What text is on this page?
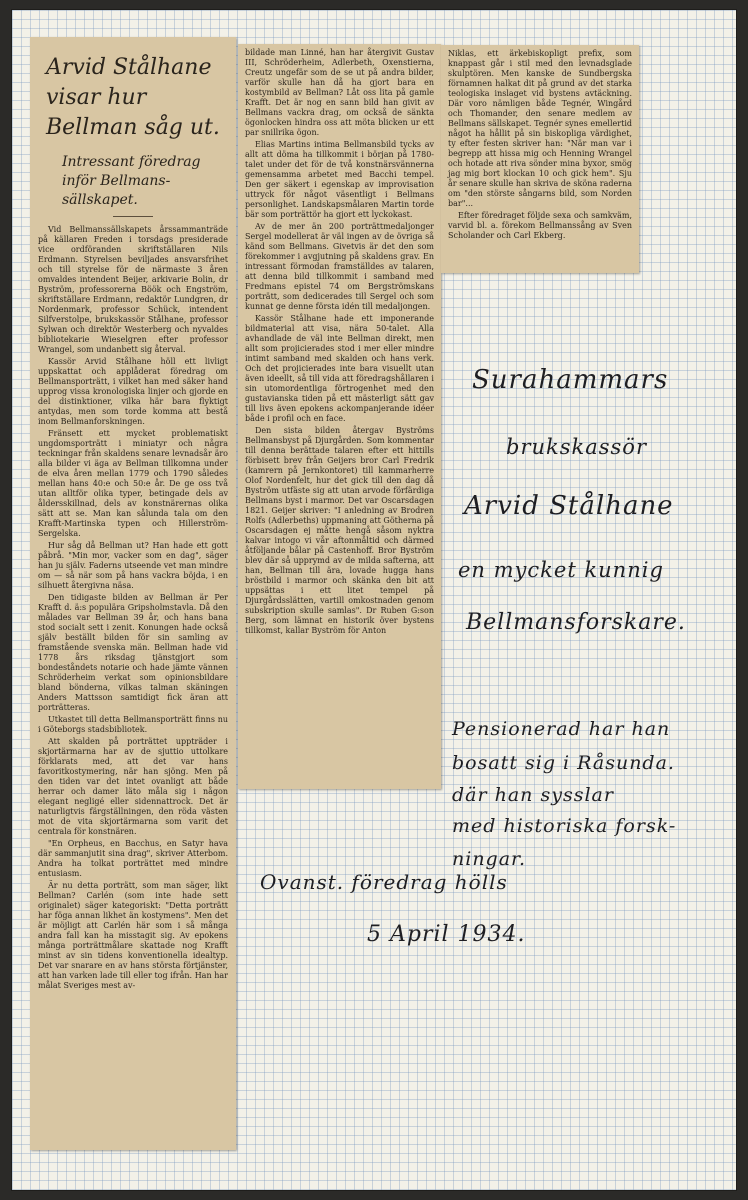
Arvid Stålhane visar hur Bellman såg ut.
Intressant föredrag inför Bellmans-sällskapet.

Vid Bellmanssällskapets årssammanträde på källaren Freden i torsdags presiderade vice ordföranden skriftställaren Nils Erdmann. Styrelsen beviljades ansvarsfrihet och till styrelse för de närmaste 3 åren omvaldes intendent Beijer, arkivarie Bolin, dr Byström, professorerna Böök och Engström, skriftställare Erdmann, redaktör Lundgren, dr Nordenmark, professor Schück, intendent Silfverstolpe, brukskassör Stålhane, professor Sylwan och direktör Westerberg och nyvaldes bibliotekarie Wieselgren efter professor Wrangel, som undanbett sig återval.

Kassör Arvid Stålhane höll ett livligt uppskattat och applåderat föredrag om Bellmansporträtt, i vilket han med säker hand upprog vissa kronologiska linjer och gjorde en del distinktioner, vilka här bara flyktigt antydas, men som torde komma att bestå inom Bellmanforskningen.

Fränsett ett mycket problematiskt ungdomsporträtt i miniatyr och några teckningar från skaldens senare levnadsår äro alla bilder vi äga av Bellman tillkomna under de elva åren mellan 1779 och 1790 således mellan hans 40:e och 50:e år. De ge oss två utan alltför olika typer, betingade dels av åldersskillnad, dels av konstnärernas olika sätt att se. Man kan sålunda tala om den Krafft-Martinska typen och Hillerström-Sergelska.

Hur såg då Bellman ut? Han hade ett gott påbrå. "Min mor, vacker som en dag", säger han ju själv. Faderns utseende vet man mindre om — så när som på hans vackra böjda, i en silhuett återgivna näsa.

Den tidigaste bilden av Bellman är Per Krafft d. ä:s populära Gripsholmstavla. Då den målades var Bellman 39 år, och hans bana stod socialt sett i zenit. Konungen hade också själv beställt bilden för sin samling av framstående svenska män. Bellman hade vid 1778 års riksdag tjänstgjort som bondeståndets notarie och hade jämte vännen Schröderheim verkat som opinionsbildare bland bönderna, vilkas talman skäningen Anders Mattsson samtidigt fick äran att porträtteras.

Utkastet till detta Bellmansporträtt finns nu i Göteborgs stadsbibliotek.

Att skalden på porträttet uppträder i skjortärmarna har av de sjuttio uttolkare förklarats med, att det var hans favoritkostymering, när han sjöng. Men på den tiden var det intet ovanligt att både herrar och damer läto måla sig i någon elegant negligé eller sidennattrock. Det är naturligtvis färgställningen, den röda västen mot de vita skjortärmarna som varit det centrala för konstnären.

"En Orpheus, en Bacchus, en Satyr hava där sammanjutit sina drag", skriver Atterbom. Andra ha tolkat porträttet med mindre entusiasm.

Är nu detta porträtt, som man säger, likt Bellman? Carlén (som inte hade sett originalet) säger kategoriskt: "Detta porträtt har föga annan likhet än kostymens". Men det är möjligt att Carlén här som i så många andra fall kan ha misstagit sig. Av epokens många porträttmålare skattade nog Krafft minst av sin tidens konventionella idealtyp. Det var snarare en av hans största förtjänster, att han varken lade till eller tog ifrån. Han har målat Sveriges mest av-

bildade man Linné, han har återgivit Gustav III, Schröderheim, Adlerbeth, Oxenstierna, Creutz ungefär som de se ut på andra bilder, varför skulle han då ha gjort bara en kostymbild av Bellman? Låt oss lita på gamle Krafft. Det är nog en sann bild han givit av Bellmans vackra drag, om också de sänkta ögonlocken hindra oss att möta blicken ur ett par snillrika ögon.

Elias Martins intima Bellmansbild tycks av allt att döma ha tillkommit i början på 1780-talet under det för de två konstnärsvännerna gemensamma arbetet med Bacchi tempel. Den ger säkert i egenskap av improvisation uttryck för något väsentligt i Bellmans personlighet. Landskapsmålaren Martin torde bär som porträttör ha gjort ett lyckokast.

Av de mer än 200 porträttmedaljonger Sergel modellerat är väl ingen av de övriga så känd som Bellmans. Givetvis är det den som förekommer i avgjutning på skaldens grav. En intressant förmodan framställdes av talaren, att denna bild tillkommit i samband med Fredmans epistel 74 om Bergströmskans porträtt, som dedicerades till Sergel och som kunnat ge denne första idén till medaljongen.

Kassör Stålhane hade ett imponerande bildmaterial att visa, nära 50-talet. Alla avhandlade de väl inte Bellman direkt, men allt som projicierades stod i mer eller mindre intimt samband med skalden och hans verk. Och det projicierades inte bara visuellt utan även ideellt, så till vida att föredragshållaren i sin utomordentliga förtrogenhet med den gustavianska tiden på ett mästerligt sätt gav till livs även epokens ackompanjerande idéer både i profil och en face.

Den sista bilden återgav Byströms Bellmansbyst på Djurgården. Som kommentar till denna berättade talaren efter ett hittills förbisett brev från Geijers bror Carl Fredrik (kamrern på Jernkontoret) till kammarherre Olof Nordenfelt, hur det gick till den dag då Byström utfäste sig att utan arvode förfärdiga Bellmans byst i marmor. Det var Oscarsdagen 1821. Geijer skriver: "I anledning av Brodren Rolfs (Adlerbeths) uppmaning att Götherna på Oscarsdagen ej måtte hengå såsom nyktra kalvar intogo vi vår aftonmåltid och därmed åtföljande bålar på Castenhoff. Bror Byström blev där så upprymd av de milda safterna, att han, Bellman till ära, lovade hugga hans bröstbild i marmor och skänka den bit att uppsättas i ett litet tempel på Djurgårdsslätten, vartill omkostnaden genom subskription skulle samlas". Dr Ruben G:son Berg, som lämnat en historik över bystens tillkomst, kallar Byström för Anton

Niklas, ett ärkebiskopligt prefix, som knappast går i stil med den levnadsglade skulptören. Men kanske de Sundbergska förnamnen halkat dit på grund av det starka teologiska inslaget vid bystens avtäckning. Där voro nämligen både Tegnér, Wingård och Thomander, den senare medlem av Bellmans sällskapet. Tegnér synes emellertid något ha hållit på sin biskopliga värdighet, ty efter festen skriver han: "När man var i begrepp att hissa mig och Henning Wrangel och hotade att riva sönder mina byxor, smög jag mig bort klockan 10 och gick hem". Sju år senare skulle han skriva de sköna raderna om "den störste sångarns bild, som Norden bar"...

Efter föredraget följde sexa och samkväm, varvid bl. a. förekom Bellmanssång av Sven Scholander och Carl Ekberg.

Surahammars
brukskassör
Arvid Stålhane
en mycket kunnig
Bellmansforskare.
Pensionerad har han
bosatt sig i Råsunda.
där han sysslar
med historiska forsk-
ningar.
Ovanst. föredrag hölls
5 April 1934.
